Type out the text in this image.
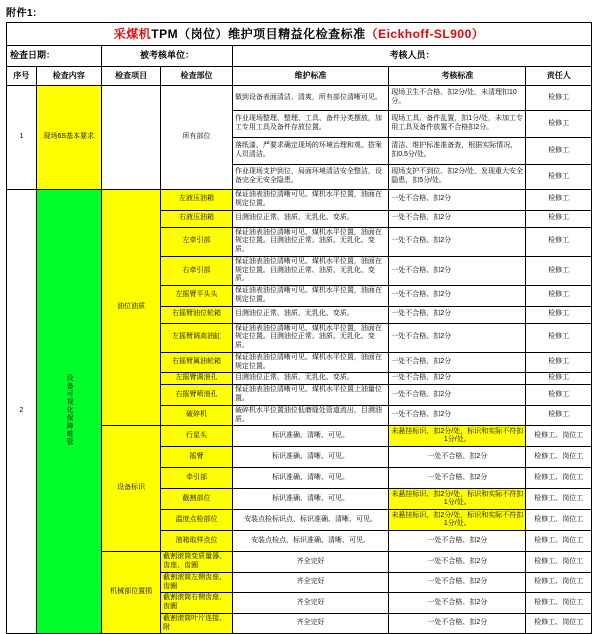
附件1:
采煤机TPM（岗位）维护项目精益化检查标准（Eickhoff-SL900）						
检查日期：		被考核单位：		考核人员：		
序号	检查内容	检查项目	检查部位	维护标准	考核标准	责任人
1	现场6S基本要求		所有部位	做到设备表面清洁、清爽，所有部位清晰可见。	现场卫生不合格、扣2分/处，未清理扣10分。	检修工
				作业现场整理、整理、工具、备件分类摆放，加工专用工具及备件存放位置。	现场工具、备件乱置，扣1分/处，未加工专用工具及备件放置不合格扣2分。	检修工
				落纸漆，严要求确定现场的环境治理和观、搭案人员清洁。	清洁、维护标准准备查，根据实际情况，扣0.5分/处。	检修工
				作业现场支护到位，局面环境清洁安全整洁，设备完全无安全隐患。	现场支护不到位、扣2分/处，发现重大安全隐患，扣5分/处。	检修工
2	设备可视化保障维管	油位油质	左液压油箱	保证油表油位清晰可见、煤机水平位置，油面在规定位置。	一处不合格、扣2分	检修工
			右液压油箱	目测油位正常、油质、无乳化、变质。	一处不合格、扣2分	检修工
			左牵引部	保证油表油位清晰可见、煤机水平位置，油面在规定位置。目测油位正常、油质、无乳化、变质。	一处不合格、扣2分	检修工
			右牵引部	保证油表油位清晰可见、煤机水平位置，油面在规定位置。目测油位正常、油质、无乳化、变质。	一处不合格、扣2分	检修工
			左摇臂平头头	保证油表油位清晰可见、煤机水平位置，油面在规定位置。	一处不合格、扣2分	检修工
			右摇臂油位轮箱	目测油位正常、油质、无乳化、变质。	一处不合格、扣2分	检修工
			左摇臂调高油缸	保证油表油位清晰可见、煤机水平位置，油面在规定位置。目测油位正常、油质、无乳化、变质。	一处不合格、扣2分	检修工
			右摇臂属油轮箱	保证油表油位清晰可见、煤机水平位置，油面在规定位置。	一处不合格、扣2分	检修工
			左摇臂调油孔	目测油位正常、油质、无乳化、变质。	一处不合格、扣2分	检修工
			右摇臂喷油孔	保证油表油位清晰可见、煤机水平位置上油量位置。	一处不合格、扣2分	检修工
			破碎机	破碎机水平位置油位低磨缝处管道流出，目测油质。	一处不合格、扣2分	检修工
		设备标识	行星头	标识准确、清晰、可见。	未悬挂标识、扣2分/处，标识和实际不符扣1分/处。	检修工、岗位工
			摇臂	标识准确、清晰、可见。	一处不合格、扣2分	检修工、岗位工
			牵引部	标识准确、清晰、可见。	一处不合格、扣2分	检修工、岗位工
			截割部位	标识准确、清晰、可见。	未悬挂标识、扣2分/处，标识和实际不符扣1分/处。	检修工、岗位工
			温度点检部位	安装点检标识点，标识准确、清晰、可见。	未悬挂标识、扣2分/处，标识和实际不符扣1分/处。	检修工、岗位工
			油箱取样点位	安装点检点，标识准确、清晰、可见。	一处不合格、扣2分	检修工、岗位工
		机械部位置损	截割滚筒变质量器、齿座、齿圈	齐全完好	一处不合格、扣2分	检修工、岗位工
			截割滚筒左侧齿座、齿圈	齐全完好	一处不合格、扣2分	检修工、岗位工
			截割滚筒右侧齿座、齿圈	齐全完好	一处不合格、扣2分	检修工、岗位工
			截割滚筒叶片连接、附	齐全完好	一处不合格、扣2分	检修工、岗位工
